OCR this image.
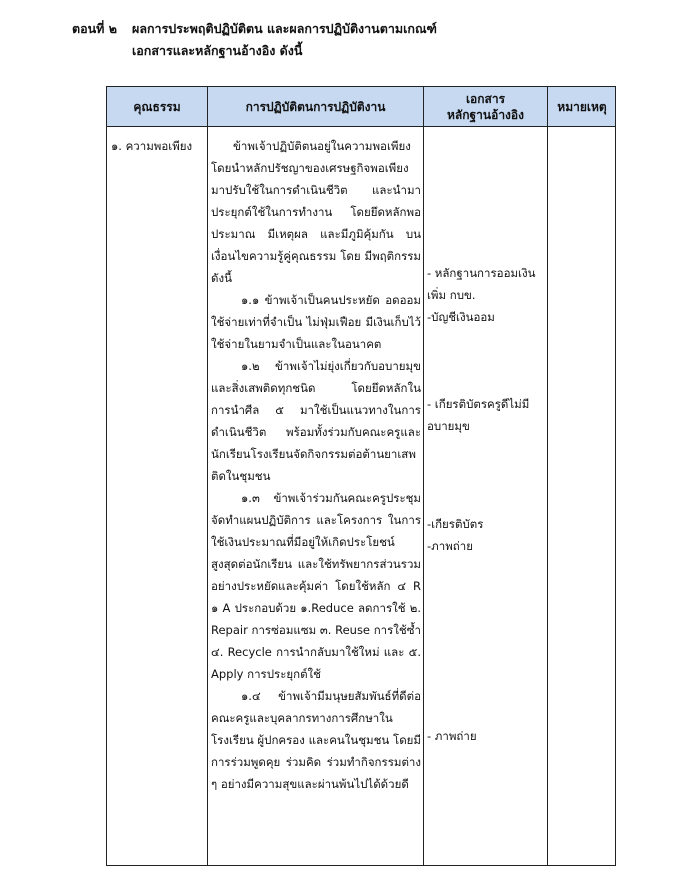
ตอนที่ ๒ ผลการประพฤติปฏิบัติตน และผลการปฏิบัติงานตามเกณฑ์
เอกสารและหลักฐานอ้างอิง ดังนี้
คุณธรรม	การปฏิบัติตนการปฏิบัติงาน
เอกสาร
หลักฐานอ้างอิง
หมายเหตุ
๑. ความพอเพียง	ข้าพเจ้าปฏิบัติตนอยู่ในความพอเพียง โดยนำหลักปรัชญาของเศรษฐกิจพอเพียงมาปรับใช้ในการดำเนินชีวิต และนำมาประยุกต์ใช้ในการทำงาน โดยยึดหลักพอประมาณ มีเหตุผล และมีภูมิคุ้มกัน บนเงื่อนไขความรู้คู่คุณธรรม โดย มีพฤติกรรมดังนี้

๑.๑ ข้าพเจ้าเป็นคนประหยัด อดออม ใช้จ่ายเท่าที่จำเป็น ไม่ฟุ่มเฟือย มีเงินเก็บไว้ใช้จ่ายในยามจำเป็นและในอนาคต

๑.๒ ข้าพเจ้าไม่ยุ่งเกี่ยวกับอบายมุขและสิ่งเสพติดทุกชนิด โดยยึดหลักในการนำศีล ๕ มาใช้เป็นแนวทางในการดำเนินชีวิต พร้อมทั้งร่วมกับคณะครูและนักเรียนโรงเรียนจัดกิจกรรมต่อต้านยาเสพติดในชุมชน

๑.๓ ข้าพเจ้าร่วมกันคณะครูประชุมจัดทำแผนปฏิบัติการ และโครงการ ในการใช้เงินประมาณที่มีอยู่ให้เกิดประโยชน์สูงสุดต่อนักเรียน และใช้ทรัพยากรส่วนรวมอย่างประหยัดและคุ้มค่า โดยใช้หลัก ๔ R ๑ A ประกอบด้วย ๑.Reduce ลดการใช้ ๒. Repair การซ่อมแซม ๓. Reuse การใช้ซ้ำ ๔. Recycle การนำกลับมาใช้ใหม่ และ ๕. Apply การประยุกต์ใช้

๑.๔ ข้าพเจ้ามีมนุษยสัมพันธ์ที่ดีต่อคณะครูและบุคลากรทางการศึกษาในโรงเรียน ผู้ปกครอง และคนในชุมชน โดยมีการร่วมพูดคุย ร่วมคิด ร่วมทำกิจกรรมต่าง ๆ อย่างมีความสุขและผ่านพ้นไปได้ด้วยดี

- หลักฐานการออมเงิน เพิ่ม กบข.
-บัญชีเงินออม

- เกียรติบัตรครูดีไม่มีอบายมุข

-เกียรติบัตร
-ภาพถ่าย

- ภาพถ่าย
